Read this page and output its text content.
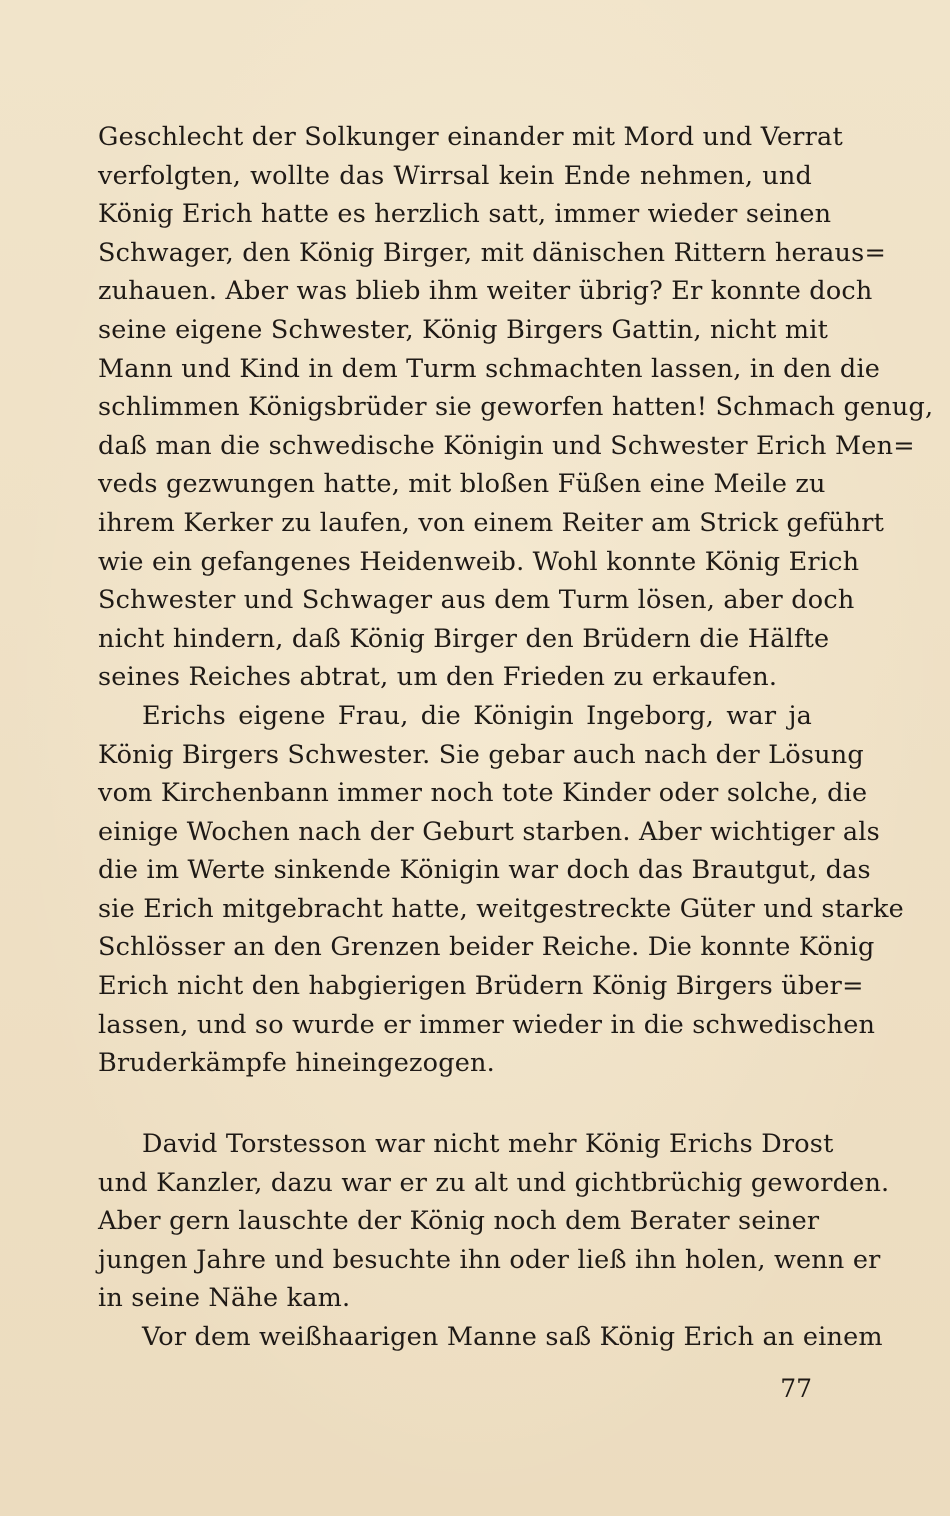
Geschlecht der Solkunger einander mit Mord und Verrat
verfolgten, wollte das Wirrsal kein Ende nehmen, und
König Erich hatte es herzlich satt, immer wieder seinen
Schwager, den König Birger, mit dänischen Rittern heraus=
zuhauen. Aber was blieb ihm weiter übrig? Er konnte doch
seine eigene Schwester, König Birgers Gattin, nicht mit
Mann und Kind in dem Turm schmachten lassen, in den die
schlimmen Königsbrüder sie geworfen hatten! Schmach genug,
daß man die schwedische Königin und Schwester Erich Men=
veds gezwungen hatte, mit bloßen Füßen eine Meile zu
ihrem Kerker zu laufen, von einem Reiter am Strick geführt
wie ein gefangenes Heidenweib. Wohl konnte König Erich
Schwester und Schwager aus dem Turm lösen, aber doch
nicht hindern, daß König Birger den Brüdern die Hälfte
seines Reiches abtrat, um den Frieden zu erkaufen.
Erichs eigene Frau, die Königin Ingeborg, war ja
König Birgers Schwester. Sie gebar auch nach der Lösung
vom Kirchenbann immer noch tote Kinder oder solche, die
einige Wochen nach der Geburt starben. Aber wichtiger als
die im Werte sinkende Königin war doch das Brautgut, das
sie Erich mitgebracht hatte, weitgestreckte Güter und starke
Schlösser an den Grenzen beider Reiche. Die konnte König
Erich nicht den habgierigen Brüdern König Birgers über=
lassen, und so wurde er immer wieder in die schwedischen
Bruderkämpfe hineingezogen.
David Torstesson war nicht mehr König Erichs Drost
und Kanzler, dazu war er zu alt und gichtbrüchig geworden.
Aber gern lauschte der König noch dem Berater seiner
jungen Jahre und besuchte ihn oder ließ ihn holen, wenn er
in seine Nähe kam.
Vor dem weißhaarigen Manne saß König Erich an einem
77
